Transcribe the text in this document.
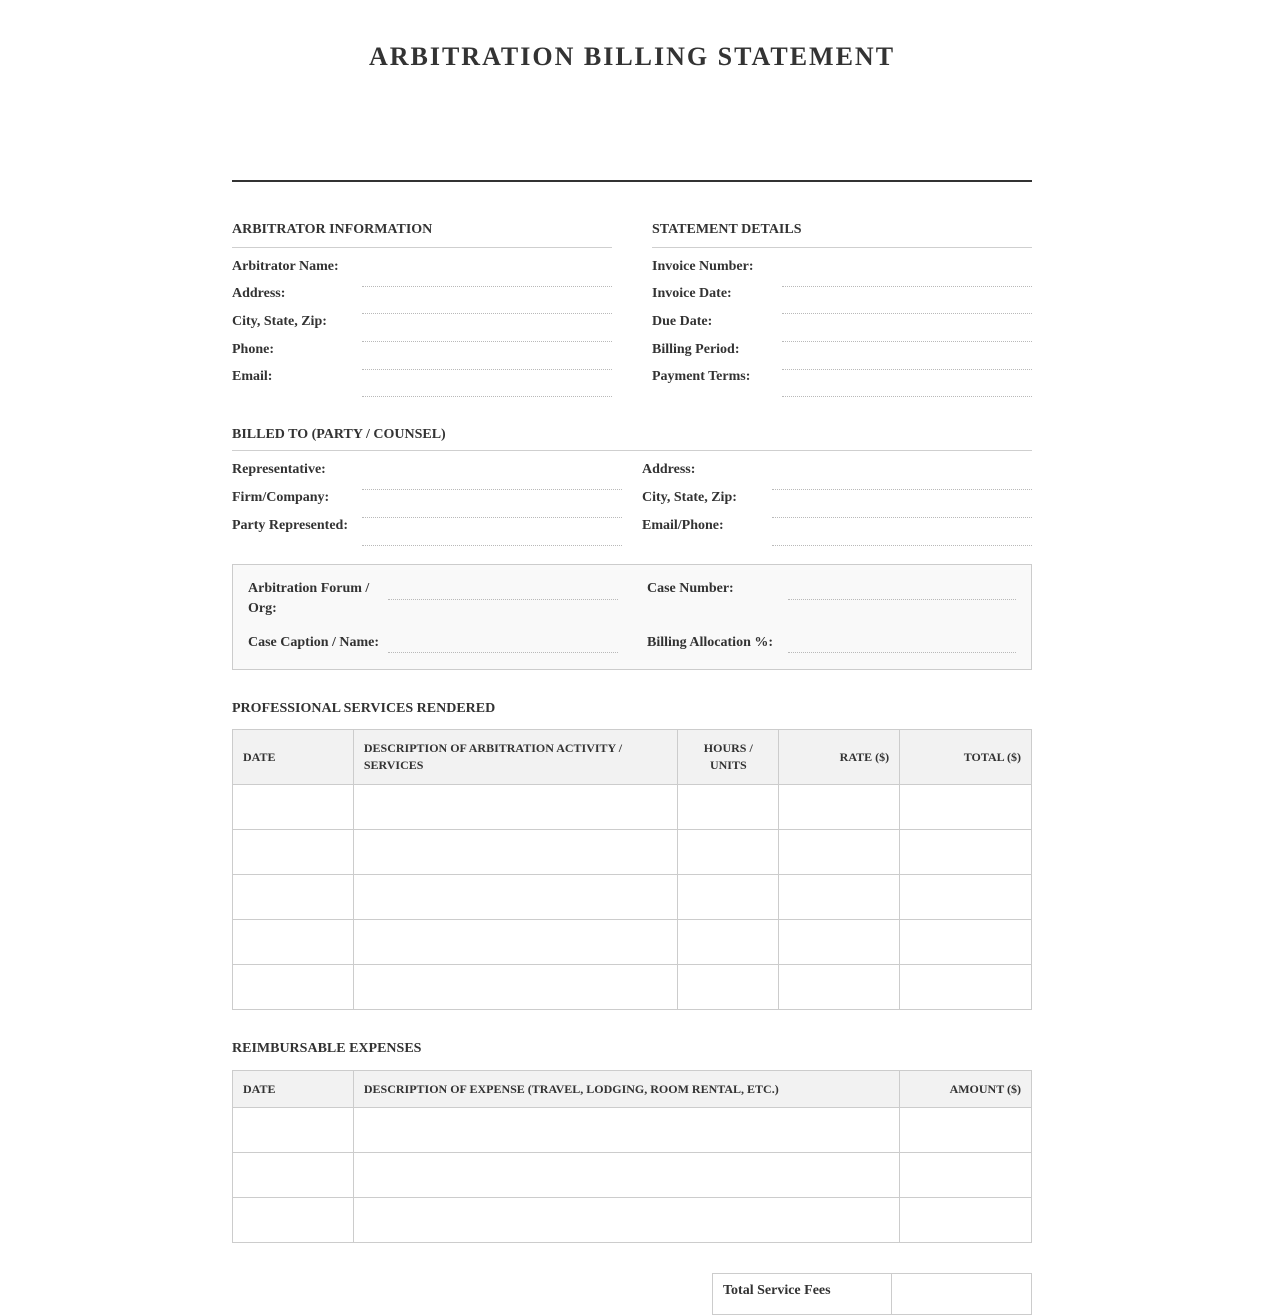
ARBITRATION BILLING STATEMENT
ARBITRATOR INFORMATION
Arbitrator Name:
Address:
City, State, Zip:
Phone:
Email:
STATEMENT DETAILS
Invoice Number:
Invoice Date:
Due Date:
Billing Period:
Payment Terms:
BILLED TO (PARTY / COUNSEL)
Representative:
Firm/Company:
Party Represented:
Address:
City, State, Zip:
Email/Phone:
Arbitration Forum / Org:
Case Number:
Case Caption / Name:	Billing Allocation %:
PROFESSIONAL SERVICES RENDERED
DATE	DESCRIPTION OF ARBITRATION ACTIVITY / SERVICES	HOURS / UNITS	RATE ($)	TOTAL ($)

REIMBURSABLE EXPENSES
DATE	DESCRIPTION OF EXPENSE (TRAVEL, LODGING, ROOM RENTAL, ETC.)	AMOUNT ($)

Total Service Fees
